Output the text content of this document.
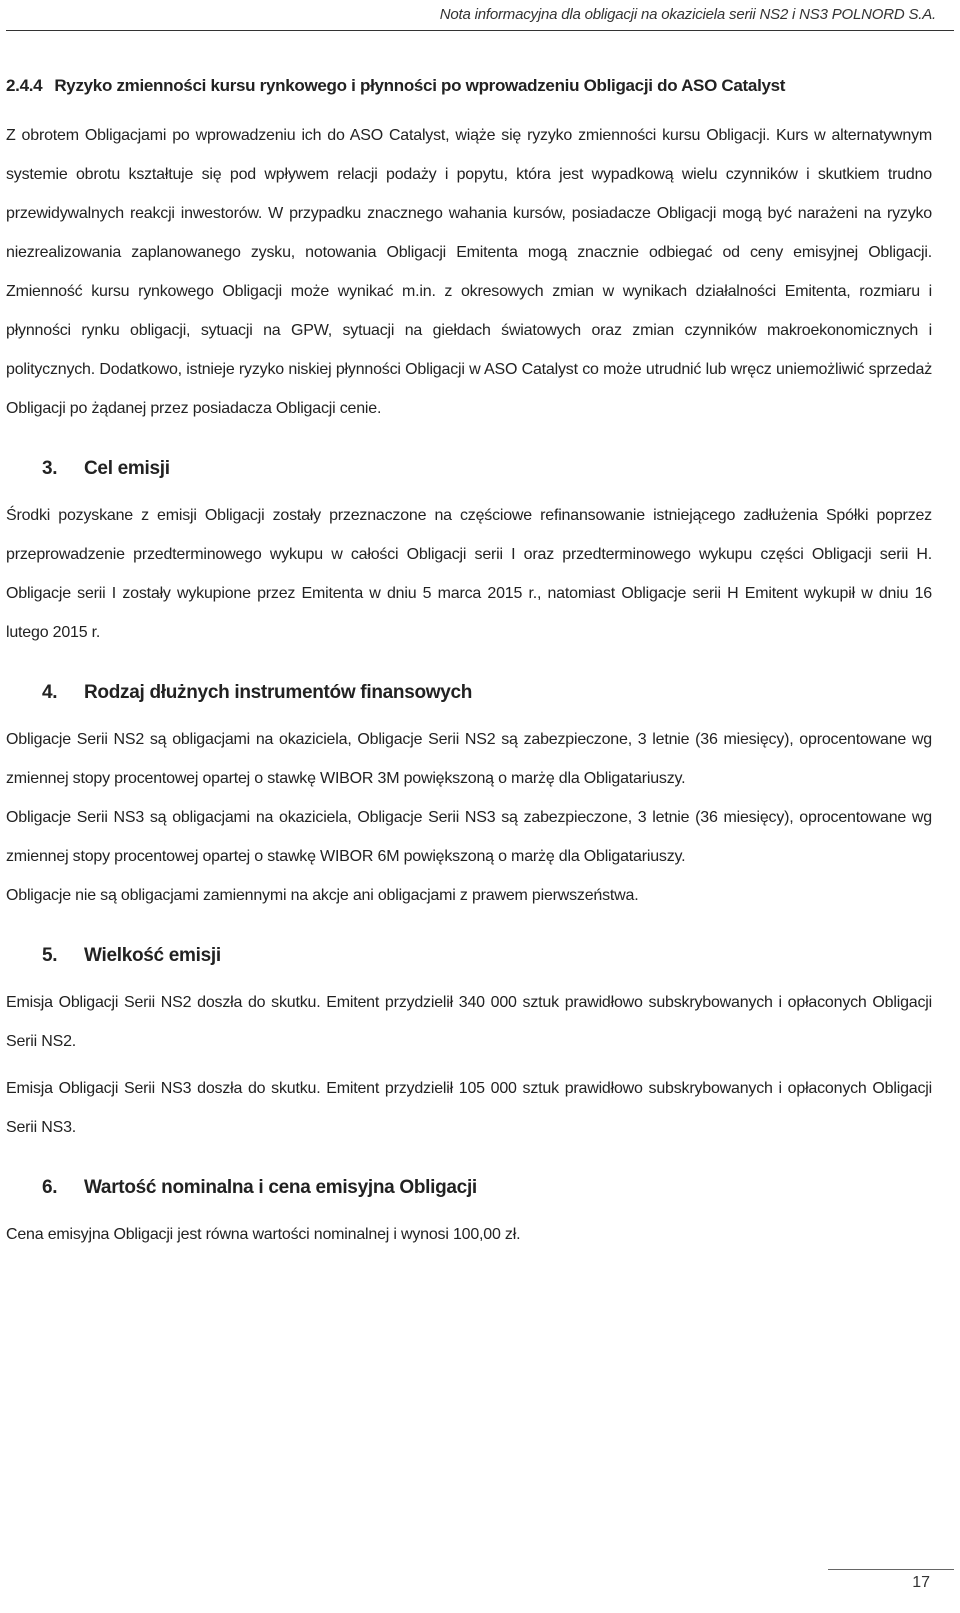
Nota informacyjna dla obligacji na okaziciela serii NS2 i NS3 POLNORD S.A.
2.4.4 Ryzyko zmienności kursu rynkowego i płynności po wprowadzeniu Obligacji do ASO Catalyst

Z obrotem Obligacjami po wprowadzeniu ich do ASO Catalyst, wiąże się ryzyko zmienności kursu Obligacji. Kurs w alternatywnym systemie obrotu kształtuje się pod wpływem relacji podaży i popytu, która jest wypadkową wielu czynników i skutkiem trudno przewidywalnych reakcji inwestorów. W przypadku znacznego wahania kursów, posiadacze Obligacji mogą być narażeni na ryzyko niezrealizowania zaplanowanego zysku, notowania Obligacji Emitenta mogą znacznie odbiegać od ceny emisyjnej Obligacji. Zmienność kursu rynkowego Obligacji może wynikać m.in. z okresowych zmian w wynikach działalności Emitenta, rozmiaru i płynności rynku obligacji, sytuacji na GPW, sytuacji na giełdach światowych oraz zmian czynników makroekonomicznych i politycznych. Dodatkowo, istnieje ryzyko niskiej płynności Obligacji w ASO Catalyst co może utrudnić lub wręcz uniemożliwić sprzedaż Obligacji po żądanej przez posiadacza Obligacji cenie.

3. Cel emisji

Środki pozyskane z emisji Obligacji zostały przeznaczone na częściowe refinansowanie istniejącego zadłużenia Spółki poprzez przeprowadzenie przedterminowego wykupu w całości Obligacji serii I oraz przedterminowego wykupu części Obligacji serii H. Obligacje serii I zostały wykupione przez Emitenta w dniu 5 marca 2015 r., natomiast Obligacje serii H Emitent wykupił w dniu 16 lutego 2015 r.

4. Rodzaj dłużnych instrumentów finansowych

Obligacje Serii NS2 są obligacjami na okaziciela, Obligacje Serii NS2 są zabezpieczone, 3 letnie (36 miesięcy), oprocentowane wg zmiennej stopy procentowej opartej o stawkę WIBOR 3M powiększoną o marżę dla Obligatariuszy.

Obligacje Serii NS3 są obligacjami na okaziciela, Obligacje Serii NS3 są zabezpieczone, 3 letnie (36 miesięcy), oprocentowane wg zmiennej stopy procentowej opartej o stawkę WIBOR 6M powiększoną o marżę dla Obligatariuszy.

Obligacje nie są obligacjami zamiennymi na akcje ani obligacjami z prawem pierwszeństwa.

5. Wielkość emisji

Emisja Obligacji Serii NS2 doszła do skutku. Emitent przydzielił 340 000 sztuk prawidłowo subskrybowanych i opłaconych Obligacji Serii NS2.

Emisja Obligacji Serii NS3 doszła do skutku. Emitent przydzielił 105 000 sztuk prawidłowo subskrybowanych i opłaconych Obligacji Serii NS3.

6. Wartość nominalna i cena emisyjna Obligacji

Cena emisyjna Obligacji jest równa wartości nominalnej i wynosi 100,00 zł.

17
